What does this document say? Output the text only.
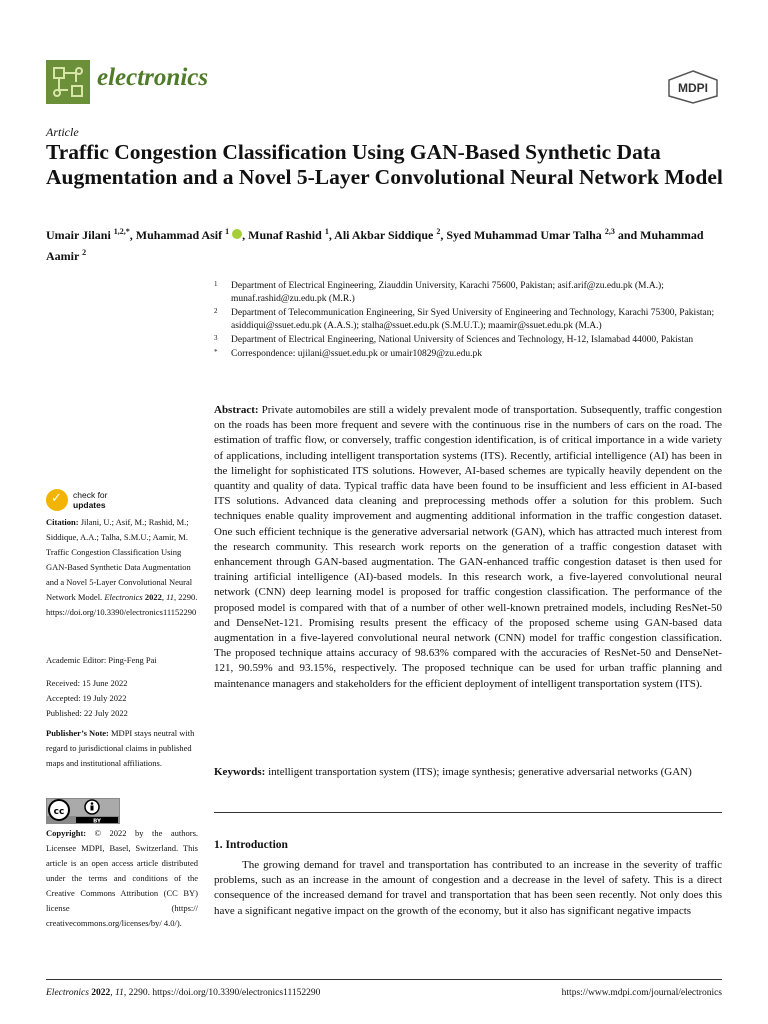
electronics	MDPI
Article
Traffic Congestion Classification Using GAN-Based Synthetic Data Augmentation and a Novel 5-Layer Convolutional Neural Network Model
Umair Jilani $^{1,2,*}$, Muhammad Asif $^1$ , Munaf Rashid $^1$, Ali Akbar Siddique $^2$, Syed Muhammad Umar Talha $^{2,3}$ and Muhammad Aamir $^2$
1 Department of Electrical Engineering, Ziauddin University, Karachi 75600, Pakistan; asif.arif@zu.edu.pk (M.A.); munaf.rashid@zu.edu.pk (M.R.)
2 Department of Telecommunication Engineering, Sir Syed University of Engineering and Technology, Karachi 75300, Pakistan; asiddiqui@ssuet.edu.pk (A.A.S.); stalha@ssuet.edu.pk (S.M.U.T.); maamir@ssuet.edu.pk (M.A.)
3 Department of Electrical Engineering, National University of Sciences and Technology, H-12, Islamabad 44000, Pakistan
* Correspondence: ujilani@ssuet.edu.pk or umair10829@zu.edu.pk
Abstract: Private automobiles are still a widely prevalent mode of transportation. Subsequently, traffic congestion on the roads has been more frequent and severe with the continuous rise in the numbers of cars on the road. The estimation of traffic flow, or conversely, traffic congestion identification, is of critical importance in a wide variety of applications, including intelligent transportation systems (ITS). Recently, artificial intelligence (AI) has been in the limelight for sophisticated ITS solutions. However, AI-based schemes are typically heavily dependent on the quantity and quality of data. Typical traffic data have been found to be insufficient and less efficient in AI-based ITS solutions. Advanced data cleaning and preprocessing methods offer a solution for this problem. Such techniques enable quality improvement and augmenting additional information in the traffic congestion dataset. One such efficient technique is the generative adversarial network (GAN), which has attracted much interest from the research community. This research work reports on the generation of a traffic congestion dataset with enhancement through GAN-based augmentation. The GAN-enhanced traffic congestion dataset is then used for training artificial intelligence (AI)-based models. In this research work, a five-layered convolutional neural network (CNN) deep learning model is proposed for traffic congestion classification. The performance of the proposed model is compared with that of a number of other well-known pretrained models, including ResNet-50 and DenseNet-121. Promising results present the efficacy of the proposed scheme using GAN-based data augmentation in a five-layered convolutional neural network (CNN) model for traffic congestion classification. The proposed technique attains accuracy of 98.63% compared with the accuracies of ResNet-50 and DenseNet-121, 90.59% and 93.15%, respectively. The proposed technique can be used for urban traffic planning and maintenance managers and stakeholders for the efficient deployment of intelligent transportation system (ITS).
Keywords: intelligent transportation system (ITS); image synthesis; generative adversarial networks (GAN)
1. Introduction
The growing demand for travel and transportation has contributed to an increase in the severity of traffic problems, such as an increase in the amount of congestion and a decrease in the level of safety. This is a direct consequence of the increased demand for travel and transportation that has been seen recently. Not only does this have a significant negative impact on the growth of the economy, but it also has significant negative impacts
✓ check for
updates
Citation: Jilani, U.; Asif, M.; Rashid, M.; Siddique, A.A.; Talha, S.M.U.; Aamir, M. Traffic Congestion Classification Using GAN-Based Synthetic Data Augmentation and a Novel 5-Layer Convolutional Neural Network Model. Electronics 2022, 11, 2290. https://doi.org/10.3390/electronics11152290
Academic Editor: Ping-Feng Pai
Received: 15 June 2022
Accepted: 19 July 2022
Published: 22 July 2022
Publisher’s Note: MDPI stays neutral with regard to jurisdictional claims in published maps and institutional affiliations.
cc
BY
Copyright: © 2022 by the authors. Licensee MDPI, Basel, Switzerland. This article is an open access article distributed under the terms and conditions of the Creative Commons Attribution (CC BY) license (https:// creativecommons.org/licenses/by/ 4.0/).
Electronics 2022, 11, 2290. https://doi.org/10.3390/electronics11152290	https://www.mdpi.com/journal/electronics
